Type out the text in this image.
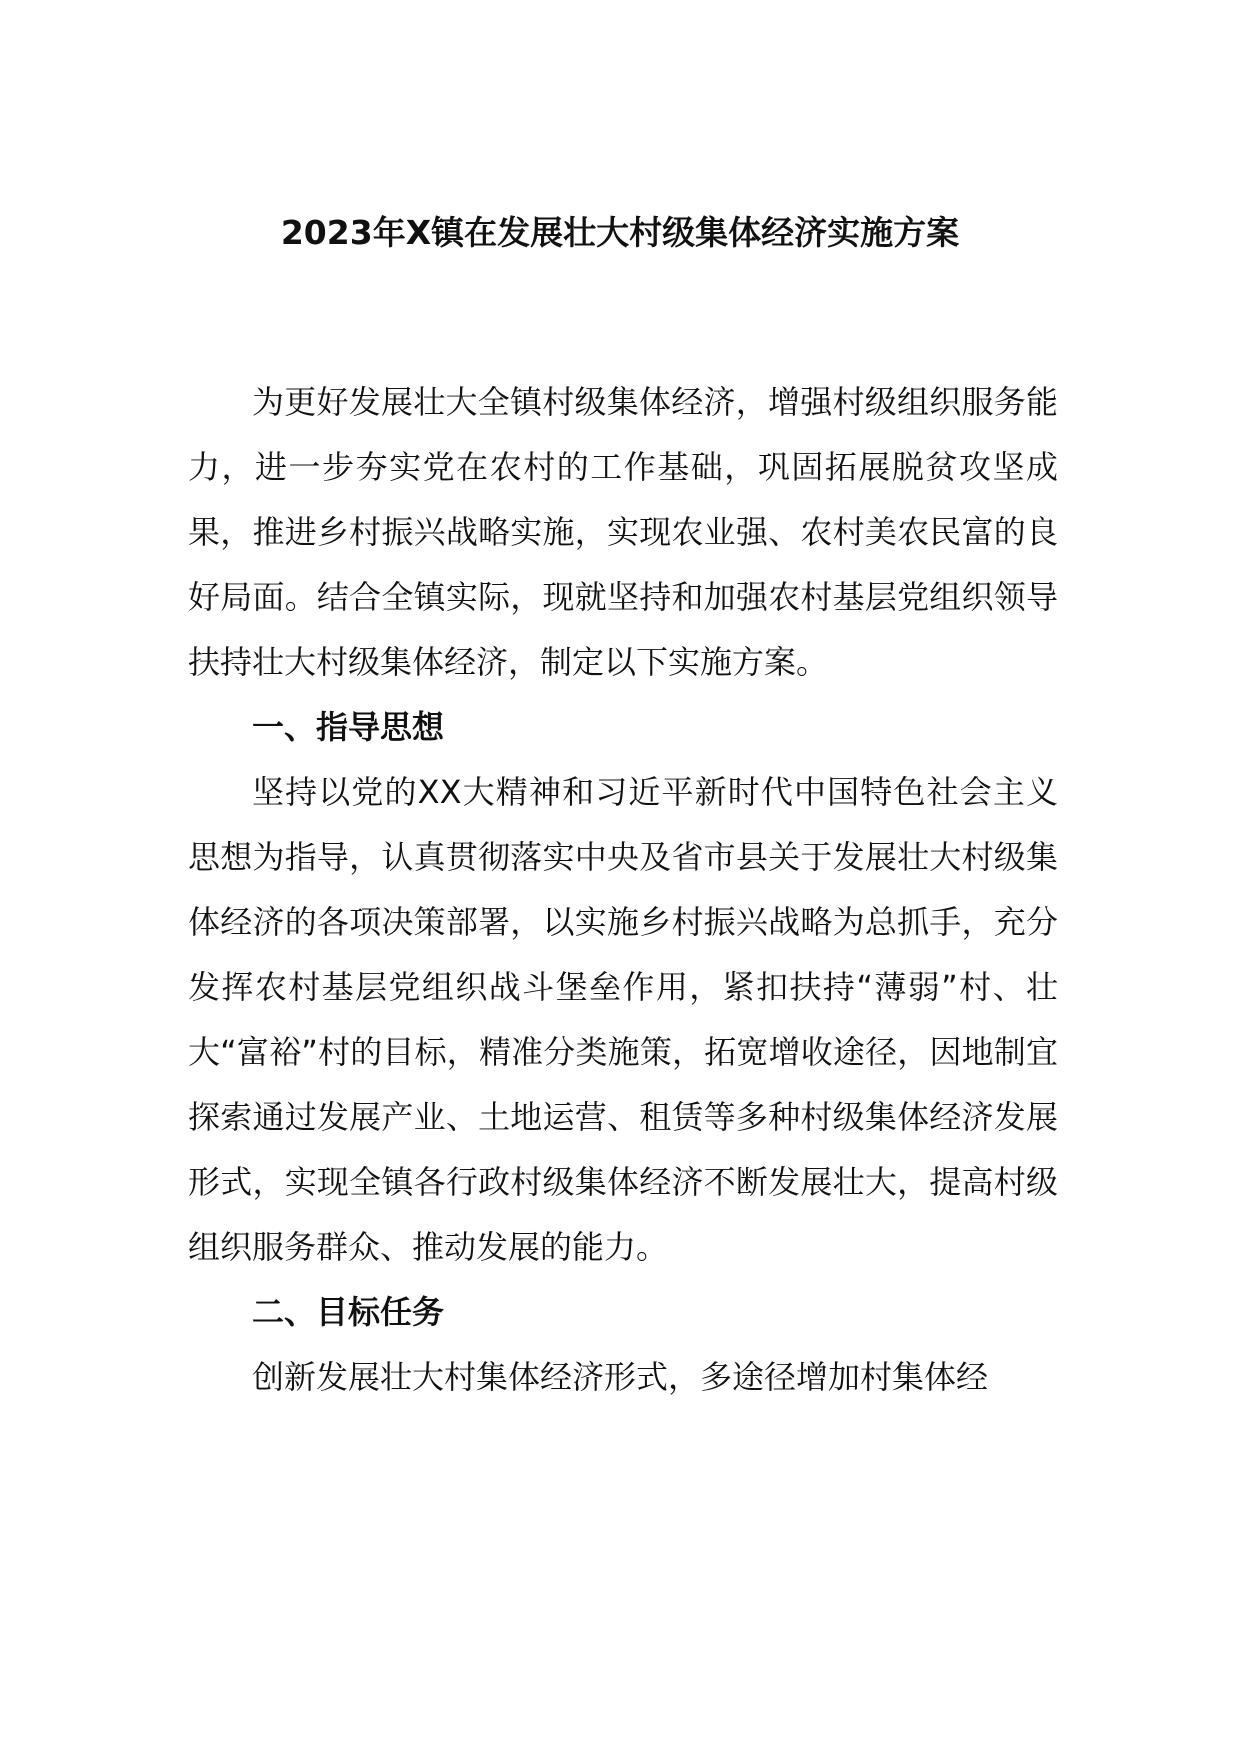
2023年X镇在发展壮大村级集体经济实施方案

为更好发展壮大全镇村级集体经济，增强村级组织服务能力，进一步夯实党在农村的工作基础，巩固拓展脱贫攻坚成果，推进乡村振兴战略实施，实现农业强、农村美农民富的良好局面。结合全镇实际，现就坚持和加强农村基层党组织领导扶持壮大村级集体经济，制定以下实施方案。

一、指导思想

坚持以党的XX大精神和习近平新时代中国特色社会主义思想为指导，认真贯彻落实中央及省市县关于发展壮大村级集体经济的各项决策部署，以实施乡村振兴战略为总抓手，充分发挥农村基层党组织战斗堡垒作用，紧扣扶持“薄弱”村、壮大“富裕”村的目标，精准分类施策，拓宽增收途径，因地制宜探索通过发展产业、土地运营、租赁等多种村级集体经济发展形式，实现全镇各行政村级集体经济不断发展壮大，提高村级组织服务群众、推动发展的能力。

二、目标任务

创新发展壮大村集体经济形式，多途径增加村集体经
